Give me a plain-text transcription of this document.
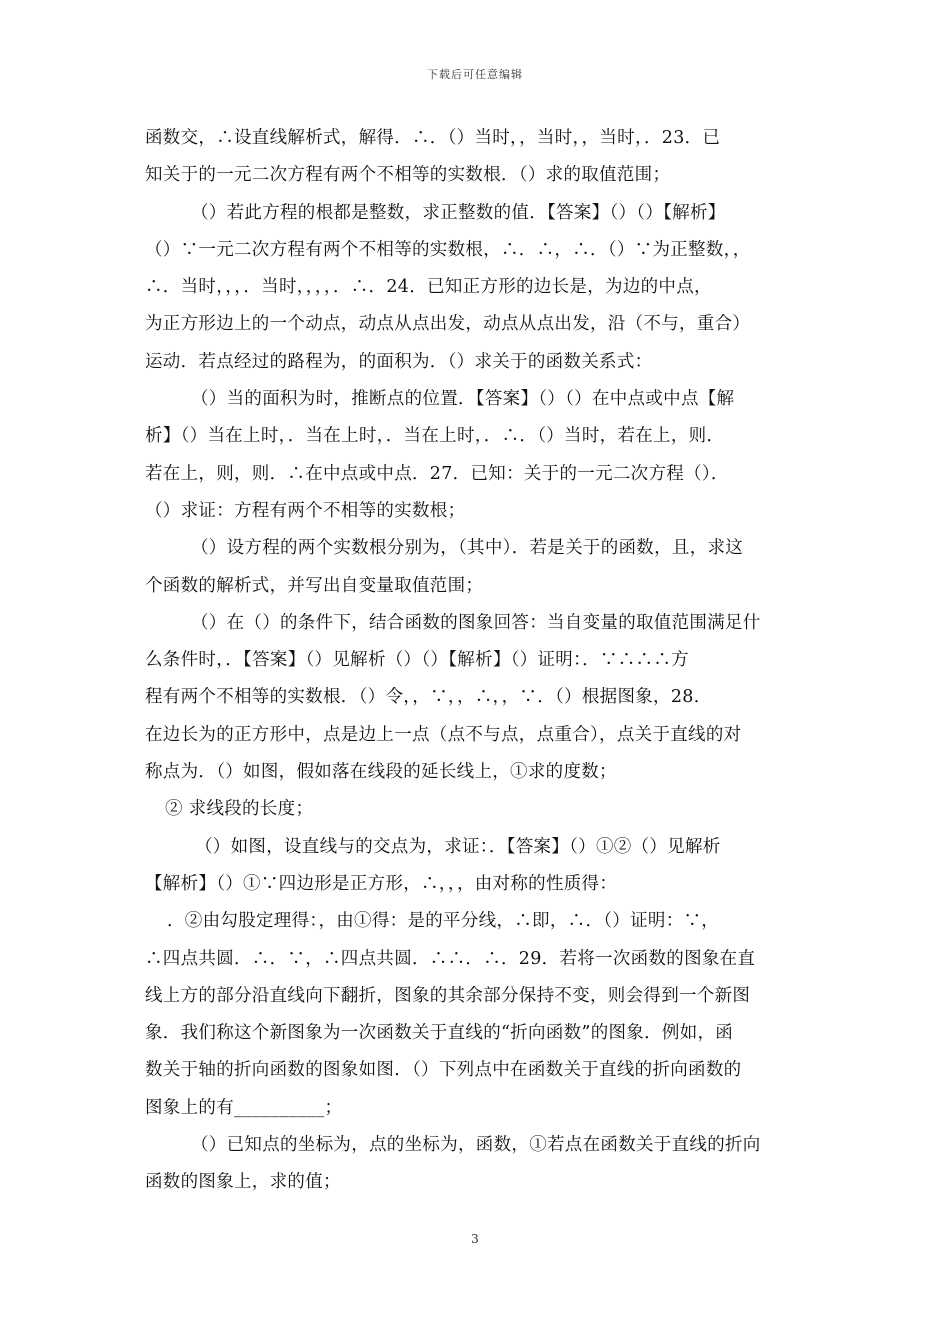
下载后可任意编辑
函数交，∴设直线解析式，解得．∴．（）当时，，当时，，当时，．23．已
知关于的一元二次方程有两个不相等的实数根．（）求的取值范围；
（）若此方程的根都是整数，求正整数的值．【答案】（）（）【解析】
（）∵一元二次方程有两个不相等的实数根，∴．∴，∴．（）∵为正整数，，
∴．当时，，，．当时，，，，．∴．24．已知正方形的边长是，为边的中点，
为正方形边上的一个动点，动点从点出发，动点从点出发，沿（不与，重合）
运动．若点经过的路程为，的面积为．（）求关于的函数关系式：
（）当的面积为时，推断点的位置．【答案】（）（）在中点或中点【解
析】（）当在上时，．当在上时，．当在上时，．∴．（）当时，若在上，则．
若在上，则，则．∴在中点或中点．27．已知：关于的一元二次方程（）．
（）求证：方程有两个不相等的实数根；
（）设方程的两个实数根分别为，（其中）．若是关于的函数，且，求这
个函数的解析式，并写出自变量取值范围；
（）在（）的条件下，结合函数的图象回答：当自变量的取值范围满足什
么条件时，．【答案】（）见解析（）（）【解析】（）证明：．∵∴∴∴方
程有两个不相等的实数根．（）令，，∵，，∴，，∵．（）根据图象，28．
在边长为的正方形中，点是边上一点（点不与点，点重合），点关于直线的对
称点为．（）如图，假如落在线段的延长线上，①求的度数；
② 求线段的长度；
（）如图，设直线与的交点为，求证：．【答案】（）①②（）见解析
【解析】（）①∵四边形是正方形，∴，，，由对称的性质得：
．②由勾股定理得：，由①得：是的平分线，∴即，∴．（）证明：∵，
∴四点共圆．∴．∵，∴四点共圆．∴∴．∴．29．若将一次函数的图象在直
线上方的部分沿直线向下翻折，图象的其余部分保持不变，则会得到一个新图
象．我们称这个新图象为一次函数关于直线的“折向函数”的图象．例如，函
数关于轴的折向函数的图象如图．（）下列点中在函数关于直线的折向函数的
图象上的有__________；
（）已知点的坐标为，点的坐标为，函数，①若点在函数关于直线的折向
函数的图象上，求的值；
3
